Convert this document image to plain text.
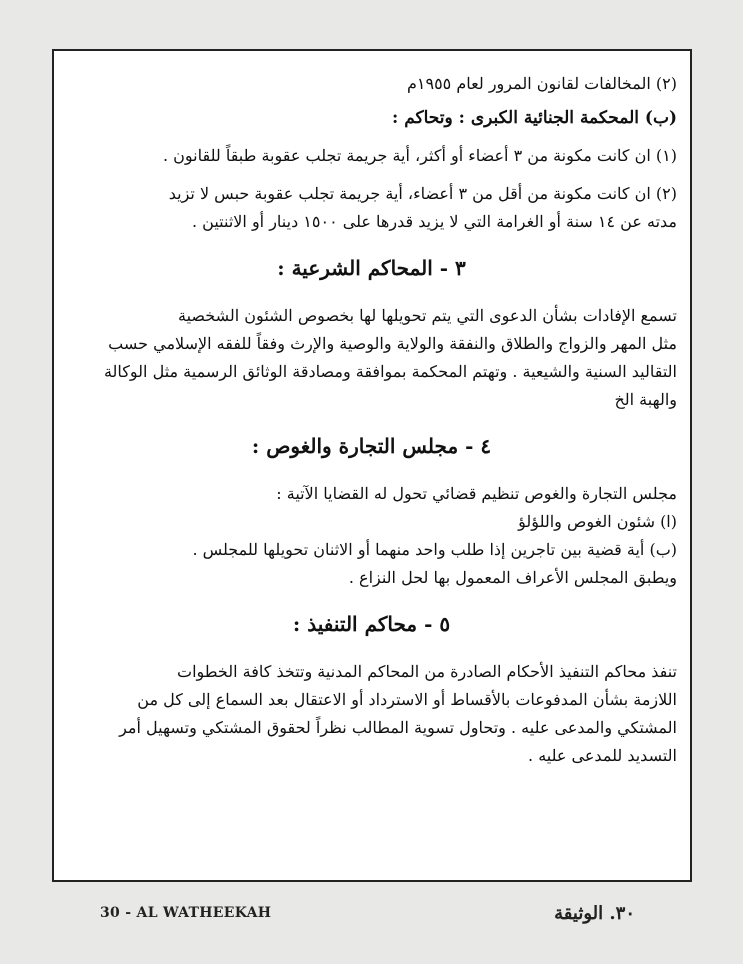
(٢) المخالفات لقانون المرور لعام ١٩٥٥م
(ب) المحكمة الجنائية الكبرى : وتحاكم :
(١) ان كانت مكونة من ٣ أعضاء أو أكثر، أية جريمة تجلب عقوبة طبقاً للقانون .
(٢) ان كانت مكونة من أقل من ٣ أعضاء، أية جريمة تجلب عقوبة حبس لا تزيد
مدته عن ١٤ سنة أو الغرامة التي لا يزيد قدرها على ١٥٠٠ دينار أو الاثنتين .
٣ - المحاكم الشرعية :
تسمع الإفادات بشأن الدعوى التي يتم تحويلها لها بخصوص الشئون الشخصية
مثل المهر والزواج والطلاق والنفقة والولاية والوصية والإرث وفقاً للفقه الإسلامي حسب
التقاليد السنية والشيعية . وتهتم المحكمة بموافقة ومصادقة الوثائق الرسمية مثل الوكالة
والهبة الخ
٤ - مجلس التجارة والغوص :
مجلس التجارة والغوص تنظيم قضائي تحول له القضايا الآتية :
(ا) شئون الغوص واللؤلؤ
(ب) أية قضية بين تاجرين إذا طلب واحد منهما أو الاثنان تحويلها للمجلس .
ويطبق المجلس الأعراف المعمول بها لحل النزاع .
٥ - محاكم التنفيذ :
تنفذ محاكم التنفيذ الأحكام الصادرة من المحاكم المدنية وتتخذ كافة الخطوات
اللازمة بشأن المدفوعات بالأقساط أو الاسترداد أو الاعتقال بعد السماع إلى كل من
المشتكي والمدعى عليه . وتحاول تسوية المطالب نظراً لحقوق المشتكي وتسهيل أمر
التسديد للمدعى عليه .
30 - AL WATHEEKAH	٣٠. الوثيقة
